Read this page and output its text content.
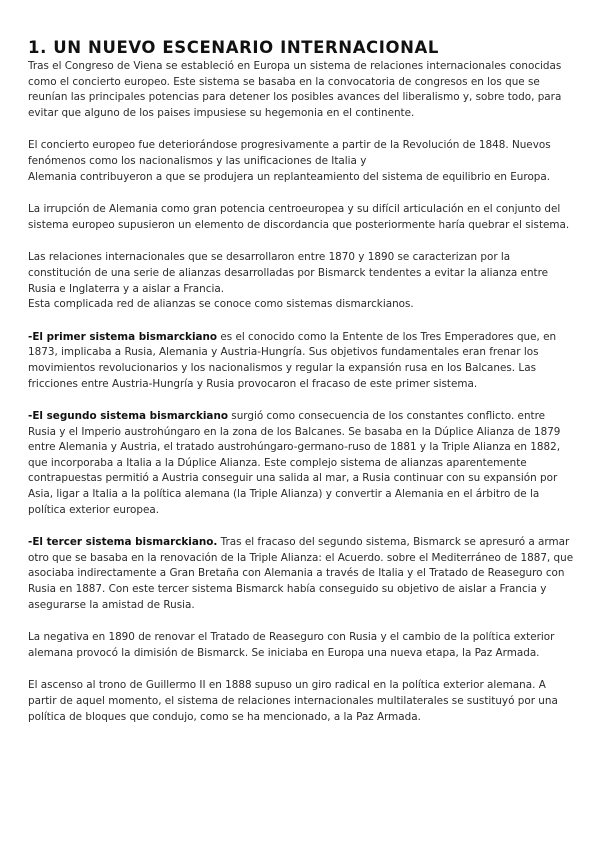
1. UN NUEVO ESCENARIO INTERNACIONAL

Tras el Congreso de Viena se estableció en Europa un sistema de relaciones internacionales conocidas como el concierto europeo. Este sistema se basaba en la convocatoria de congresos en los que se reunían las principales potencias para detener los posibles avances del liberalismo y, sobre todo, para evitar que alguno de los paises impusiese su hegemonia en el continente.

El concierto europeo fue deteriorándose progresivamente a partir de la Revolución de 1848. Nuevos fenómenos como los nacionalismos y las unificaciones de Italia y
Alemania contribuyeron a que se produjera un replanteamiento del sistema de equilibrio en Europa.

La irrupción de Alemania como gran potencia centroeuropea y su difícil articulación en el conjunto del sistema europeo supusieron un elemento de discordancia que posteriormente haría quebrar el sistema.

Las relaciones internacionales que se desarrollaron entre 1870 y 1890 se caracterizan por la constitución de una serie de alianzas desarrolladas por Bismarck tendentes a evitar la alianza entre Rusia e Inglaterra y a aislar a Francia.
Esta complicada red de alianzas se conoce como sistemas dismarckianos.

-El primer sistema bismarckiano es el conocido como la Entente de los Tres Emperadores que, en 1873, implicaba a Rusia, Alemania y Austria-Hungría. Sus objetivos fundamentales eran frenar los movimientos revolucionarios y los nacionalismos y regular la expansión rusa en los Balcanes. Las fricciones entre Austria-Hungría y Rusia provocaron el fracaso de este primer sistema.

-El segundo sistema bismarckiano surgió como consecuencia de los constantes conflicto. entre Rusia y el Imperio austrohúngaro en la zona de los Balcanes. Se basaba en la Dúplice Alianza de 1879 entre Alemania y Austria, el tratado austrohúngaro-germano-ruso de 1881 y la Triple Alianza en 1882, que incorporaba a Italia a la Dúplice Alianza. Este complejo sistema de alianzas aparentemente contrapuestas permitió a Austria conseguir una salida al mar, a Rusia continuar con su expansión por Asia, ligar a Italia a la política alemana (la Triple Alianza) y convertir a Alemania en el árbitro de la política exterior europea.

-El tercer sistema bismarckiano. Tras el fracaso del segundo sistema, Bismarck se apresuró a armar otro que se basaba en la renovación de la Triple Alianza: el Acuerdo. sobre el Mediterráneo de 1887, que asociaba indirectamente a Gran Bretaña con Alemania a través de Italia y el Tratado de Reaseguro con Rusia en 1887. Con este tercer sistema Bismarck había conseguido su objetivo de aislar a Francia y asegurarse la amistad de Rusia.

La negativa en 1890 de renovar el Tratado de Reaseguro con Rusia y el cambio de la política exterior alemana provocó la dimisión de Bismarck. Se iniciaba en Europa una nueva etapa, la Paz Armada.

El ascenso al trono de Guillermo II en 1888 supuso un giro radical en la política exterior alemana. A partir de aquel momento, el sistema de relaciones internacionales multilaterales se sustituyó por una política de bloques que condujo, como se ha mencionado, a la Paz Armada.
